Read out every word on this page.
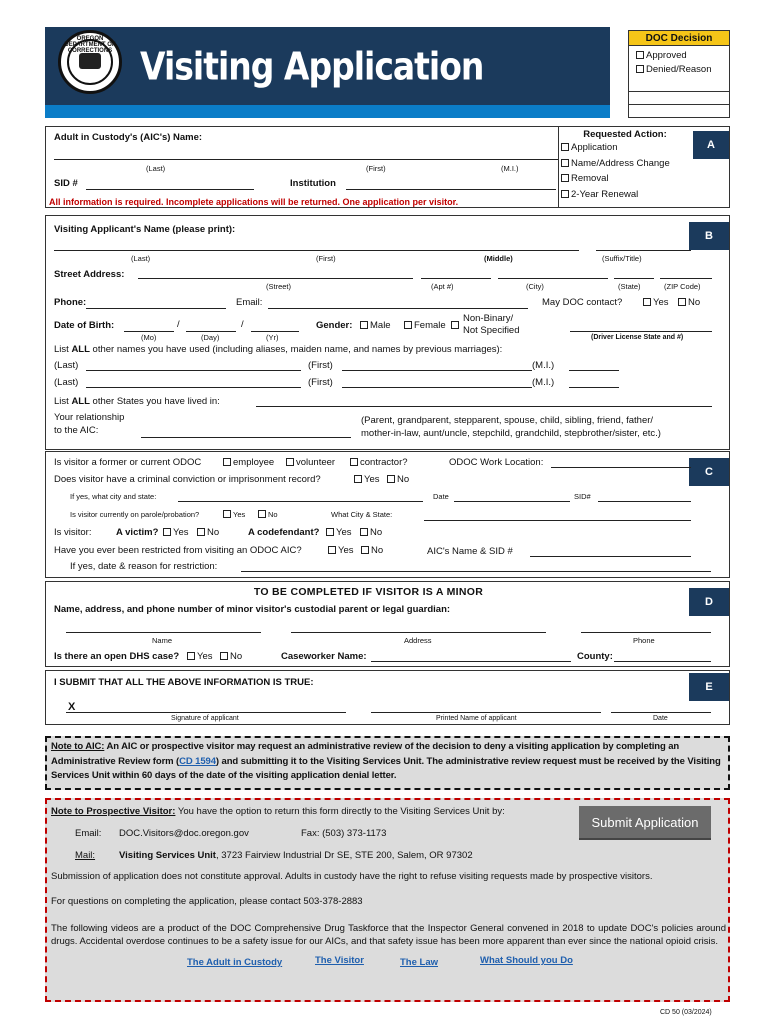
OREGON DEPARTMENT OF CORRECTIONS Visiting Application
DOC Decision
Approved
Denied/Reason
A
Adult in Custody's (AIC's) Name:
(Last)	(First)	(M.I.)
SID #	Institution
All information is required. Incomplete applications will be returned. One application per visitor.
Requested Action:
Application
Name/Address Change
Removal
2-Year Renewal
B
Visiting Applicant's Name (please print):
(Last)	(First)	(Middle)	(Suffix/Title)
Street Address:
(Street)	(Apt #)	(City)	(State)	(ZIP Code)
Phone:	Email:	May DOC contact?	Yes	No
Date of Birth:	/	/
(Mo)	(Day)	(Yr)
Gender:	Male	Female
Non-Binary/
Not Specified
(Driver License State and #)
List ALL other names you have used (including aliases, maiden name, and names by previous marriages):
(Last)	(First)	(M.I.)
(Last)	(First)	(M.I.)
List ALL other States you have lived in:
Your relationship
to the AIC:
(Parent, grandparent, stepparent, spouse, child, sibling, friend, father/
mother-in-law, aunt/uncle, stepchild, grandchild, stepbrother/sister, etc.)
C
Is visitor a former or current ODOC	employee	volunteer	contractor?	ODOC Work Location:
Does visitor have a criminal conviction or imprisonment record?	Yes	No
If yes, what city and state:	Date	SID#
Is visitor currently on parole/probation?	Yes	No	What City & State:
Is visitor:	A victim?	Yes	No	A codefendant?	Yes	No
Have you ever been restricted from visiting an ODOC AIC?	Yes	No	AIC's Name & SID #
If yes, date & reason for restriction:
D
TO BE COMPLETED IF VISITOR IS A MINOR
Name, address, and phone number of minor visitor's custodial parent or legal guardian:
Name	Address	Phone
Is there an open DHS case?	Yes	No	Caseworker Name:	County:
E
I SUBMIT THAT ALL THE ABOVE INFORMATION IS TRUE:
X
Signature of applicant	Printed Name of applicant	Date
Note to AIC: An AIC or prospective visitor may request an administrative review of the decision to deny a visiting application by completing an Administrative Review form (CD 1594) and submitting it to the Visiting Services Unit. The administrative review request must be received by the Visiting Services Unit within 60 days of the date of the visiting application denial letter.
Note to Prospective Visitor: You have the option to return this form directly to the Visiting Services Unit by:
Email: DOC.Visitors@doc.oregon.gov	Fax: (503) 373-1173
Mail:	Visiting Services Unit, 3723 Fairview Industrial Dr SE, STE 200, Salem, OR 97302
Submit Application
Submission of application does not constitute approval. Adults in custody have the right to refuse visiting requests made by prospective visitors.
For questions on completing the application, please contact 503-378-2883
The following videos are a product of the DOC Comprehensive Drug Taskforce that the Inspector General convened in 2018 to update DOC's policies around drugs. Accidental overdose continues to be a safety issue for our AICs, and that safety issue has been more apparent than ever since the national opioid crisis.
The Adult in Custody	The Visitor	The Law	What Should you Do
CD 50 (03/2024)
